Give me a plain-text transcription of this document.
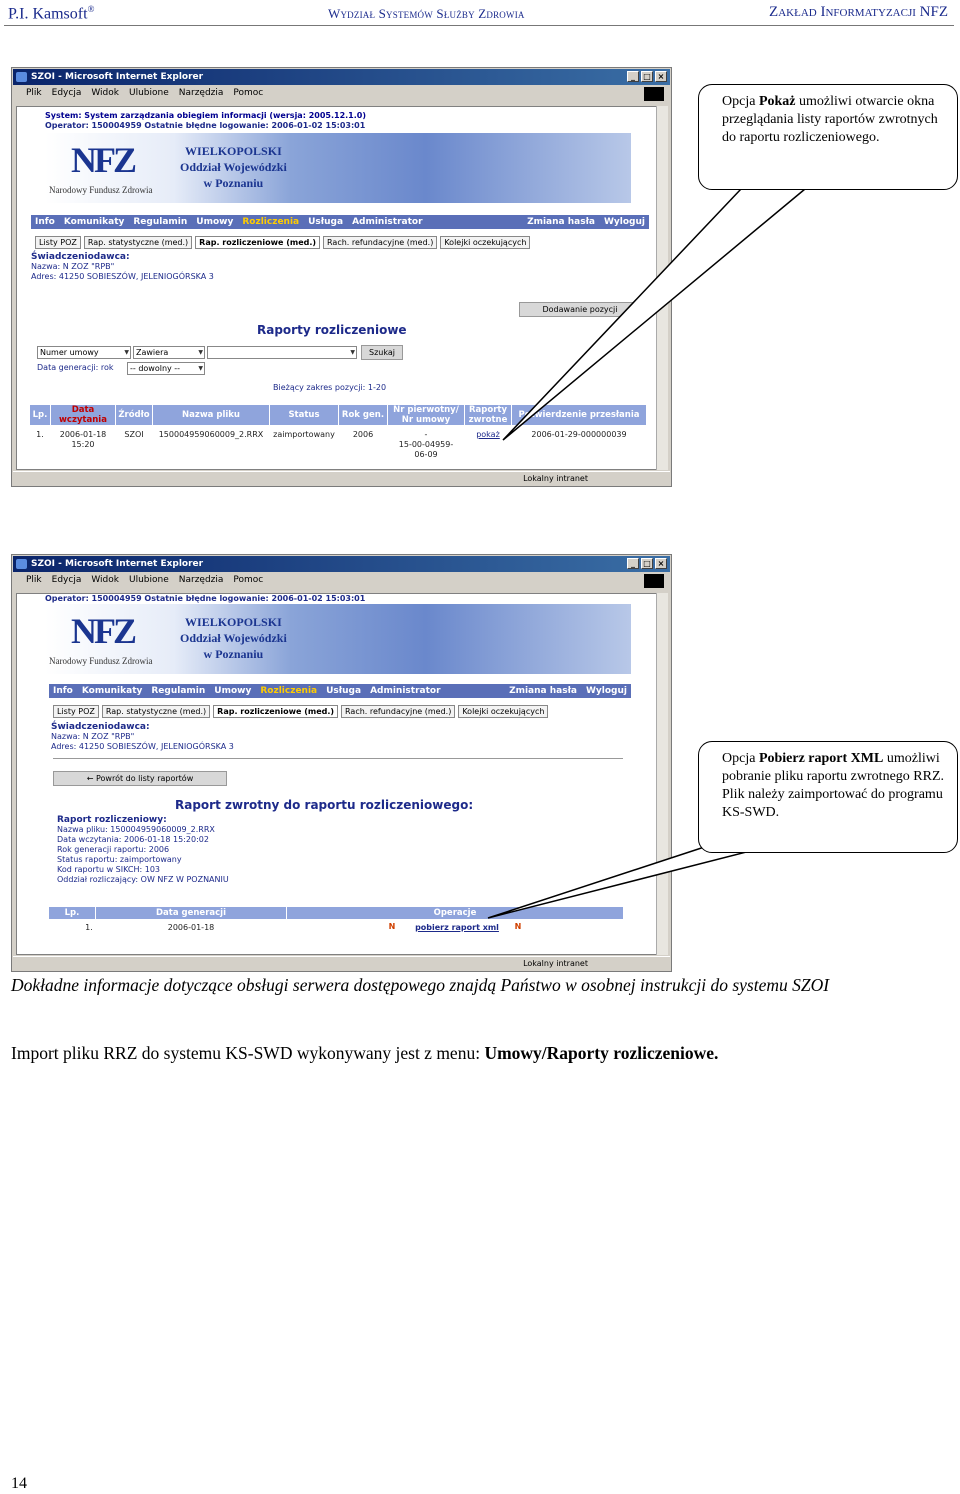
P.I. Kamsoft®	Wydział Systemów Służby Zdrowia	Zakład Informatyzacji NFZ
SZOI - Microsoft Internet Explorer	_	□ ×
Plik Edycja Widok Ulubione Narzędzia Pomoc
System: System zarządzania obiegiem informacji (wersja: 2005.12.1.0)
Operator: 150004959 Ostatnie błędne logowanie: 2006-01-02 15:03:01
NFZ
Narodowy Fundusz Zdrowia
WIELKOPOLSKI
Oddział Wojewódzki
w Poznaniu
Info Komunikaty Regulamin Umowy Rozliczenia Usługa Administrator	Zmiana hasła Wyloguj
Listy POZ	Rap. statystyczne (med.)	Rap. rozliczeniowe (med.)	Rach. refundacyjne (med.)	Kolejki oczekujących
Świadczeniodawca:
Nazwa: N ZOZ "RPB"
Adres: 41250 SOBIESZÓW, JELENIOGÓRSKA 3
Dodawanie pozycji
Raporty rozliczeniowe
Numer umowy ▼	Zawiera ▼
▼	Szukaj
Data generacji: rok	-- dowolny -- ▼
Bieżący zakres pozycji: 1-20
Lp.	Data wczytania	Źródło	Nazwa pliku	Status	Rok gen.	Nr pierwotny/ Nr umowy
Raporty zwrotne	Potwierdzenie przesłania
1.	2006-01-18
15:20
SZOI	150004959060009_2.RRX	zaimportowany	2006	-
15-00-04959-06-09
pokaż	2006-01-29-000000039
Lokalny intranet
SZOI - Microsoft Internet Explorer	_	□ ×
Plik Edycja Widok Ulubione Narzędzia Pomoc
Operator: 150004959 Ostatnie błędne logowanie: 2006-01-02 15:03:01
NFZ
Narodowy Fundusz Zdrowia
WIELKOPOLSKI
Oddział Wojewódzki
w Poznaniu
Info Komunikaty Regulamin Umowy Rozliczenia Usługa Administrator	Zmiana hasła Wyloguj
Listy POZ	Rap. statystyczne (med.)	Rap. rozliczeniowe (med.)	Rach. refundacyjne (med.)	Kolejki oczekujących
Świadczeniodawca:
Nazwa: N ZOZ "RPB"
Adres: 41250 SOBIESZÓW, JELENIOGÓRSKA 3
← Powrót do listy raportów
Raport zwrotny do raportu rozliczeniowego:
Raport rozliczeniowy:
Nazwa pliku: 150004959060009_2.RRX
Data wczytania: 2006-01-18 15:20:02
Rok generacji raportu: 2006
Status raportu: zaimportowany
Kod raportu w SIKCH: 103
Oddział rozliczający: OW NFZ W POZNANIU
Lp.	Data generacji	Operacje
1.	2006-01-18	N	pobierz raport xml	N
Lokalny intranet
Opcja Pokaż umożliwi otwarcie okna przeglądania listy raportów zwrotnych do raportu rozliczeniowego.
Opcja Pobierz raport XML umożliwi pobranie pliku raportu zwrotnego RRZ. Plik należy zaimportować do programu KS-SWD.
Dokładne informacje dotyczące obsługi serwera dostępowego znajdą Państwo w osobnej instrukcji do systemu SZOI
Import pliku RRZ do systemu KS-SWD wykonywany jest z menu: Umowy/Raporty rozliczeniowe.
14
